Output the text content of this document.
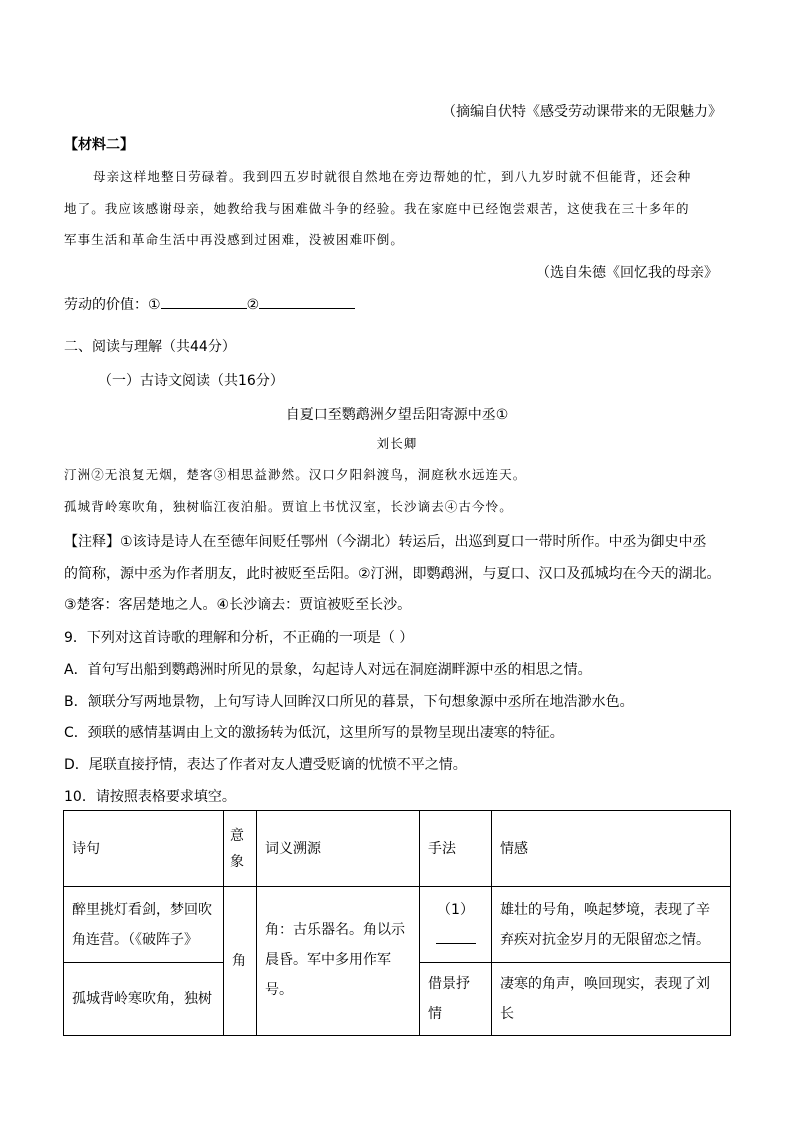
（摘编自伏特《感受劳动课带来的无限魅力》
【材料二】
母亲这样地整日劳碌着。我到四五岁时就很自然地在旁边帮她的忙，到八九岁时就不但能背，还会种
地了。我应该感谢母亲，她教给我与困难做斗争的经验。我在家庭中已经饱尝艰苦，这使我在三十多年的
军事生活和革命生活中再没感到过困难，没被困难吓倒。
（选自朱德《回忆我的母亲》
劳动的价值：①	②
二、阅读与理解（共44分）
（一）古诗文阅读（共16分）
自夏口至鹦鹉洲夕望岳阳寄源中丞①
刘长卿
汀洲②无浪复无烟，楚客③相思益渺然。汉口夕阳斜渡鸟，洞庭秋水远连天。
孤城背岭寒吹角，独树临江夜泊船。贾谊上书忧汉室，长沙谪去④古今怜。
【注释】①该诗是诗人在至德年间贬任鄂州（今湖北）转运后，出巡到夏口一带时所作。中丞为御史中丞
的简称，源中丞为作者朋友，此时被贬至岳阳。②汀洲，即鹦鹉洲，与夏口、汉口及孤城均在今天的湖北。
③楚客：客居楚地之人。④长沙谪去：贾谊被贬至长沙。
9．下列对这首诗歌的理解和分析，不正确的一项是（ ）
A．首句写出船到鹦鹉洲时所见的景象，勾起诗人对远在洞庭湖畔源中丞的相思之情。
B．颔联分写两地景物，上句写诗人回眸汉口所见的暮景，下句想象源中丞所在地浩渺水色。
C．颈联的感情基调由上文的激扬转为低沉，这里所写的景物呈现出凄寒的特征。
D．尾联直接抒情，表达了作者对友人遭受贬谪的忧愤不平之情。
10．请按照表格要求填空。
诗句	意象	词义溯源	手法	情感
醉里挑灯看剑，梦回吹角连营。（《破阵子》	角	角：古乐器名。角以示晨昏。军中多用作军号。	（1）	雄壮的号角，唤起梦境，表现了辛弃疾对抗金岁月的无限留恋之情。
孤城背岭寒吹角，独树			借景抒情	凄寒的角声，唤回现实，表现了刘长
